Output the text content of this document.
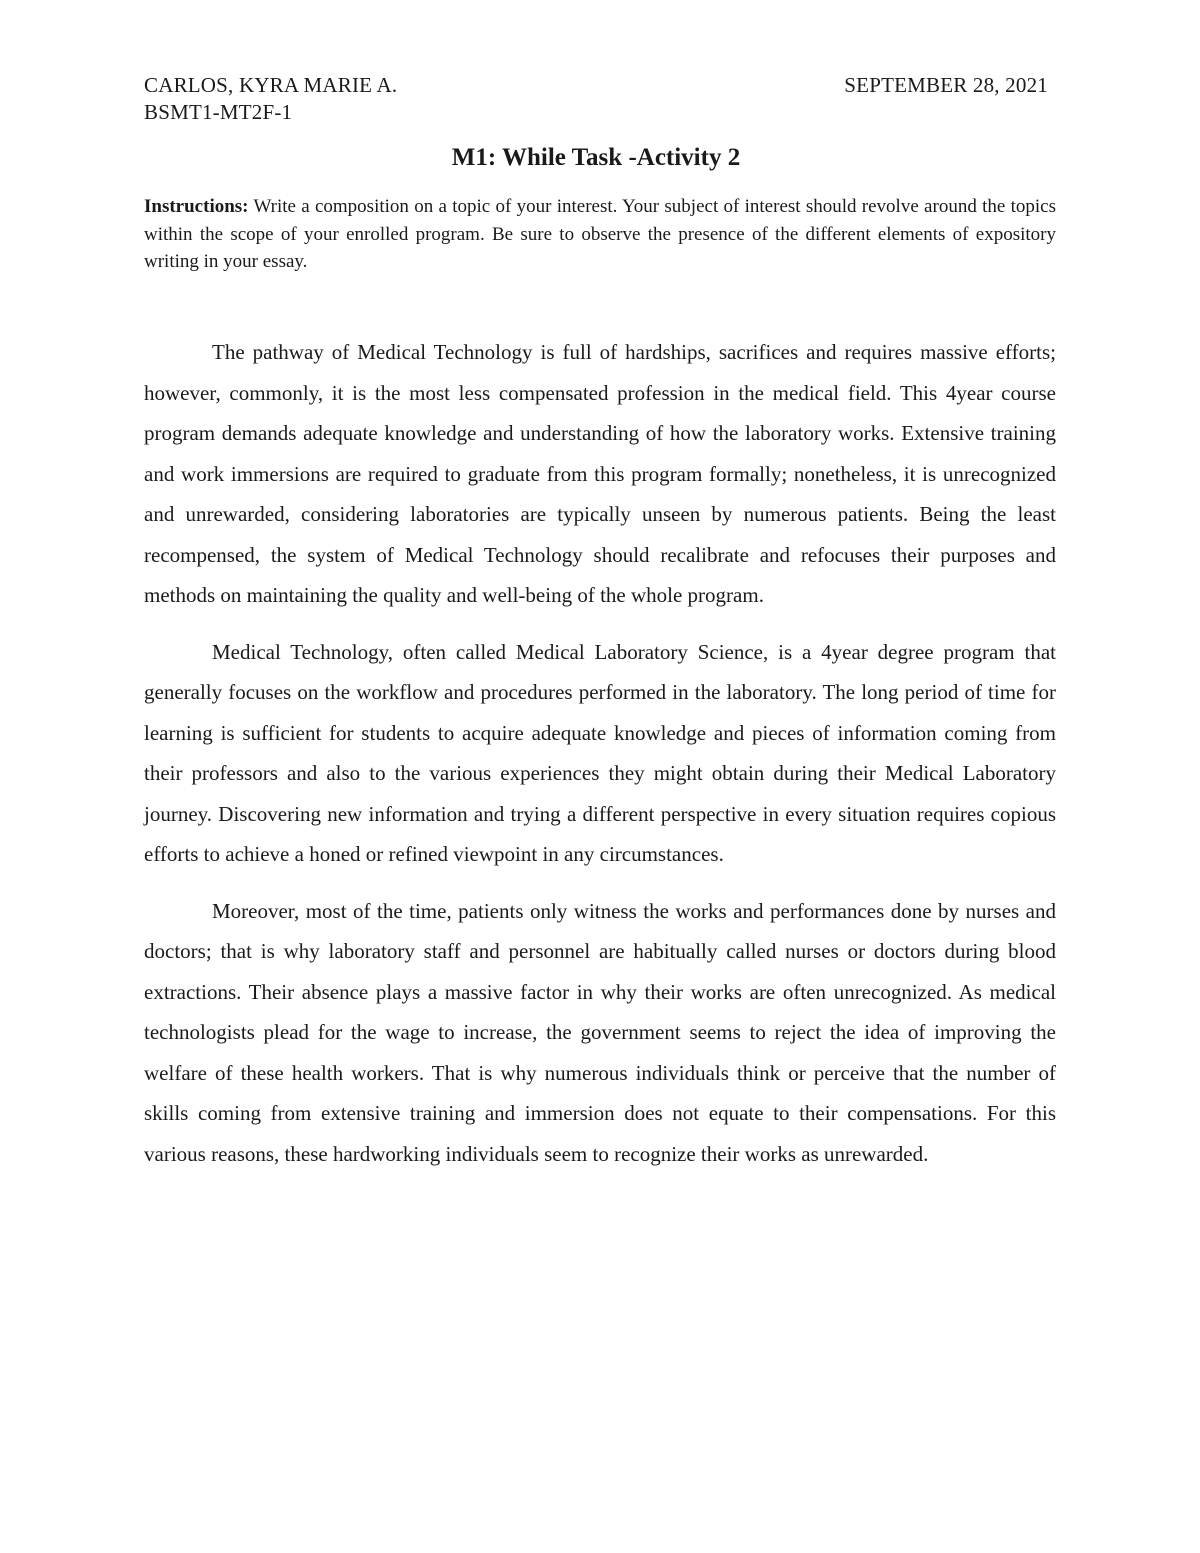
CARLOS, KYRA MARIE A.	SEPTEMBER 28, 2021
BSMT1-MT2F-1
M1: While Task -Activity 2

Instructions: Write a composition on a topic of your interest. Your subject of interest should revolve around the topics within the scope of your enrolled program. Be sure to observe the presence of the different elements of expository writing in your essay.

The pathway of Medical Technology is full of hardships, sacrifices and requires massive efforts; however, commonly, it is the most less compensated profession in the medical field. This 4year course program demands adequate knowledge and understanding of how the laboratory works. Extensive training and work immersions are required to graduate from this program formally; nonetheless, it is unrecognized and unrewarded, considering laboratories are typically unseen by numerous patients. Being the least recompensed, the system of Medical Technology should recalibrate and refocuses their purposes and methods on maintaining the quality and well-being of the whole program.

Medical Technology, often called Medical Laboratory Science, is a 4year degree program that generally focuses on the workflow and procedures performed in the laboratory. The long period of time for learning is sufficient for students to acquire adequate knowledge and pieces of information coming from their professors and also to the various experiences they might obtain during their Medical Laboratory journey. Discovering new information and trying a different perspective in every situation requires copious efforts to achieve a honed or refined viewpoint in any circumstances.

Moreover, most of the time, patients only witness the works and performances done by nurses and doctors; that is why laboratory staff and personnel are habitually called nurses or doctors during blood extractions. Their absence plays a massive factor in why their works are often unrecognized. As medical technologists plead for the wage to increase, the government seems to reject the idea of improving the welfare of these health workers. That is why numerous individuals think or perceive that the number of skills coming from extensive training and immersion does not equate to their compensations. For this various reasons, these hardworking individuals seem to recognize their works as unrewarded.
